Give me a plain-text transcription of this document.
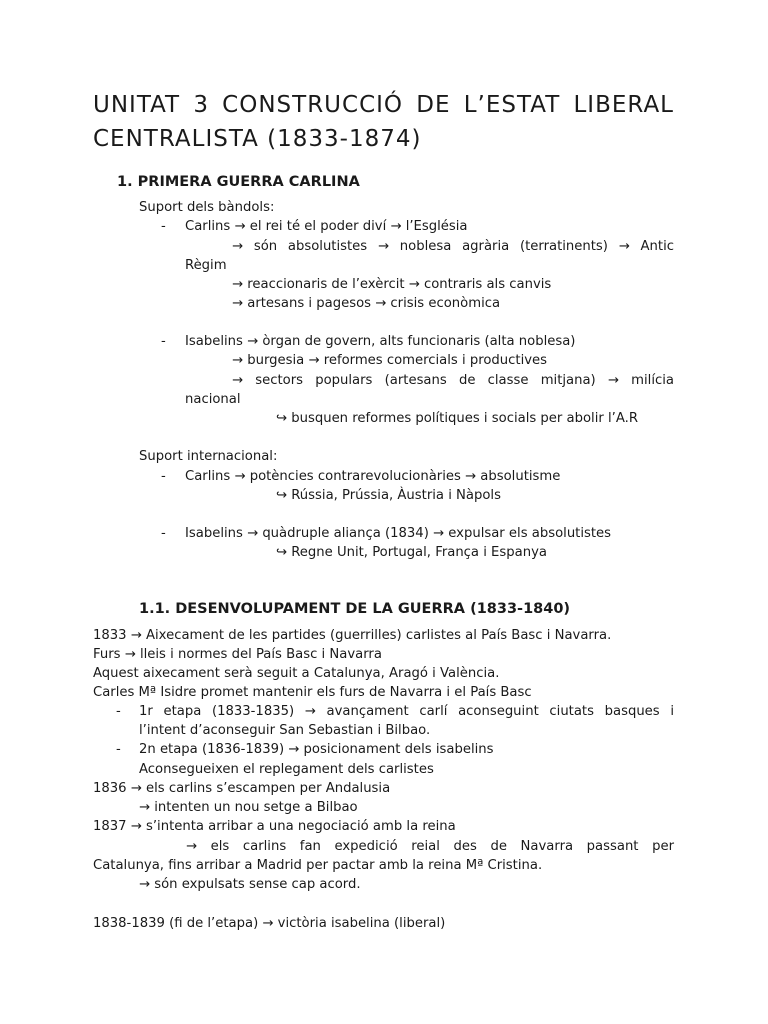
UNITAT 3 CONSTRUCCIÓ DE L’ESTAT LIBERAL
CENTRALISTA (1833-1874)
1. PRIMERA GUERRA CARLINA
Suport dels bàndols:
- Carlins → el rei té el poder diví → l’Església
→ són absolutistes → noblesa agrària (terratinents) → Antic
Règim
→ reaccionaris de l’exèrcit → contraris als canvis
→ artesans i pagesos → crisis econòmica
- Isabelins → òrgan de govern, alts funcionaris (alta noblesa)
→ burgesia → reformes comercials i productives
→ sectors populars (artesans de classe mitjana) → milícia
nacional
↪ busquen reformes polítiques i socials per abolir l’A.R
Suport internacional:
- Carlins → potències contrarevolucionàries → absolutisme
↪ Rússia, Prússia, Àustria i Nàpols
- Isabelins → quàdruple aliança (1834) → expulsar els absolutistes
↪ Regne Unit, Portugal, França i Espanya
1.1. DESENVOLUPAMENT DE LA GUERRA (1833-1840)
1833 → Aixecament de les partides (guerrilles) carlistes al País Basc i Navarra.
Furs → lleis i normes del País Basc i Navarra
Aquest aixecament serà seguit a Catalunya, Aragó i València.
Carles Mª Isidre promet mantenir els furs de Navarra i el País Basc
- 1r etapa (1833-1835) → avançament carlí aconseguint ciutats basques i
l’intent d’aconseguir San Sebastian i Bilbao.
- 2n etapa (1836-1839) → posicionament dels isabelins
Aconsegueixen el replegament dels carlistes
1836 → els carlins s’escampen per Andalusia
→ intenten un nou setge a Bilbao
1837 → s’intenta arribar a una negociació amb la reina
→ els carlins fan expedició reial des de Navarra passant per
Catalunya, fins arribar a Madrid per pactar amb la reina Mª Cristina.
→ són expulsats sense cap acord.
1838-1839 (fi de l’etapa) → victòria isabelina (liberal)
